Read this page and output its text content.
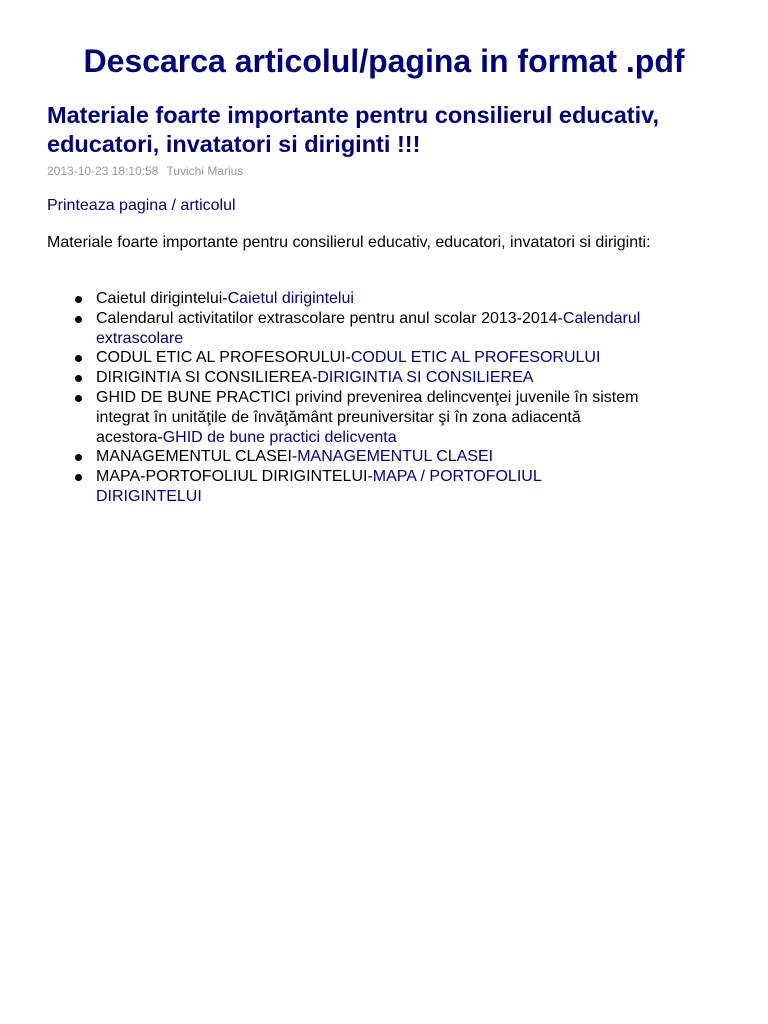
Descarca articolul/pagina in format .pdf
Materiale foarte importante pentru consilierul educativ, educatori, invatatori si diriginti !!!
2013-10-23 18:10:58 Tuvichi Marius
Printeaza pagina / articolul

Materiale foarte importante pentru consilierul educativ, educatori, invatatori si diriginti:

Caietul dirigintelui-Caietul dirigintelui
Calendarul activitatilor extrascolare pentru anul scolar 2013-2014-Calendarul extrascolare
CODUL ETIC AL PROFESORULUI-CODUL ETIC AL PROFESORULUI
DIRIGINTIA SI CONSILIEREA-DIRIGINTIA SI CONSILIEREA
GHID DE BUNE PRACTICI privind prevenirea delincvenţei juvenile în sistem integrat în unităţile de învăţământ preuniversitar şi în zona adiacentă acestora-GHID de bune practici delicventa
MANAGEMENTUL CLASEI-MANAGEMENTUL CLASEI
MAPA-PORTOFOLIUL DIRIGINTELUI-MAPA / PORTOFOLIUL DIRIGINTELUI
